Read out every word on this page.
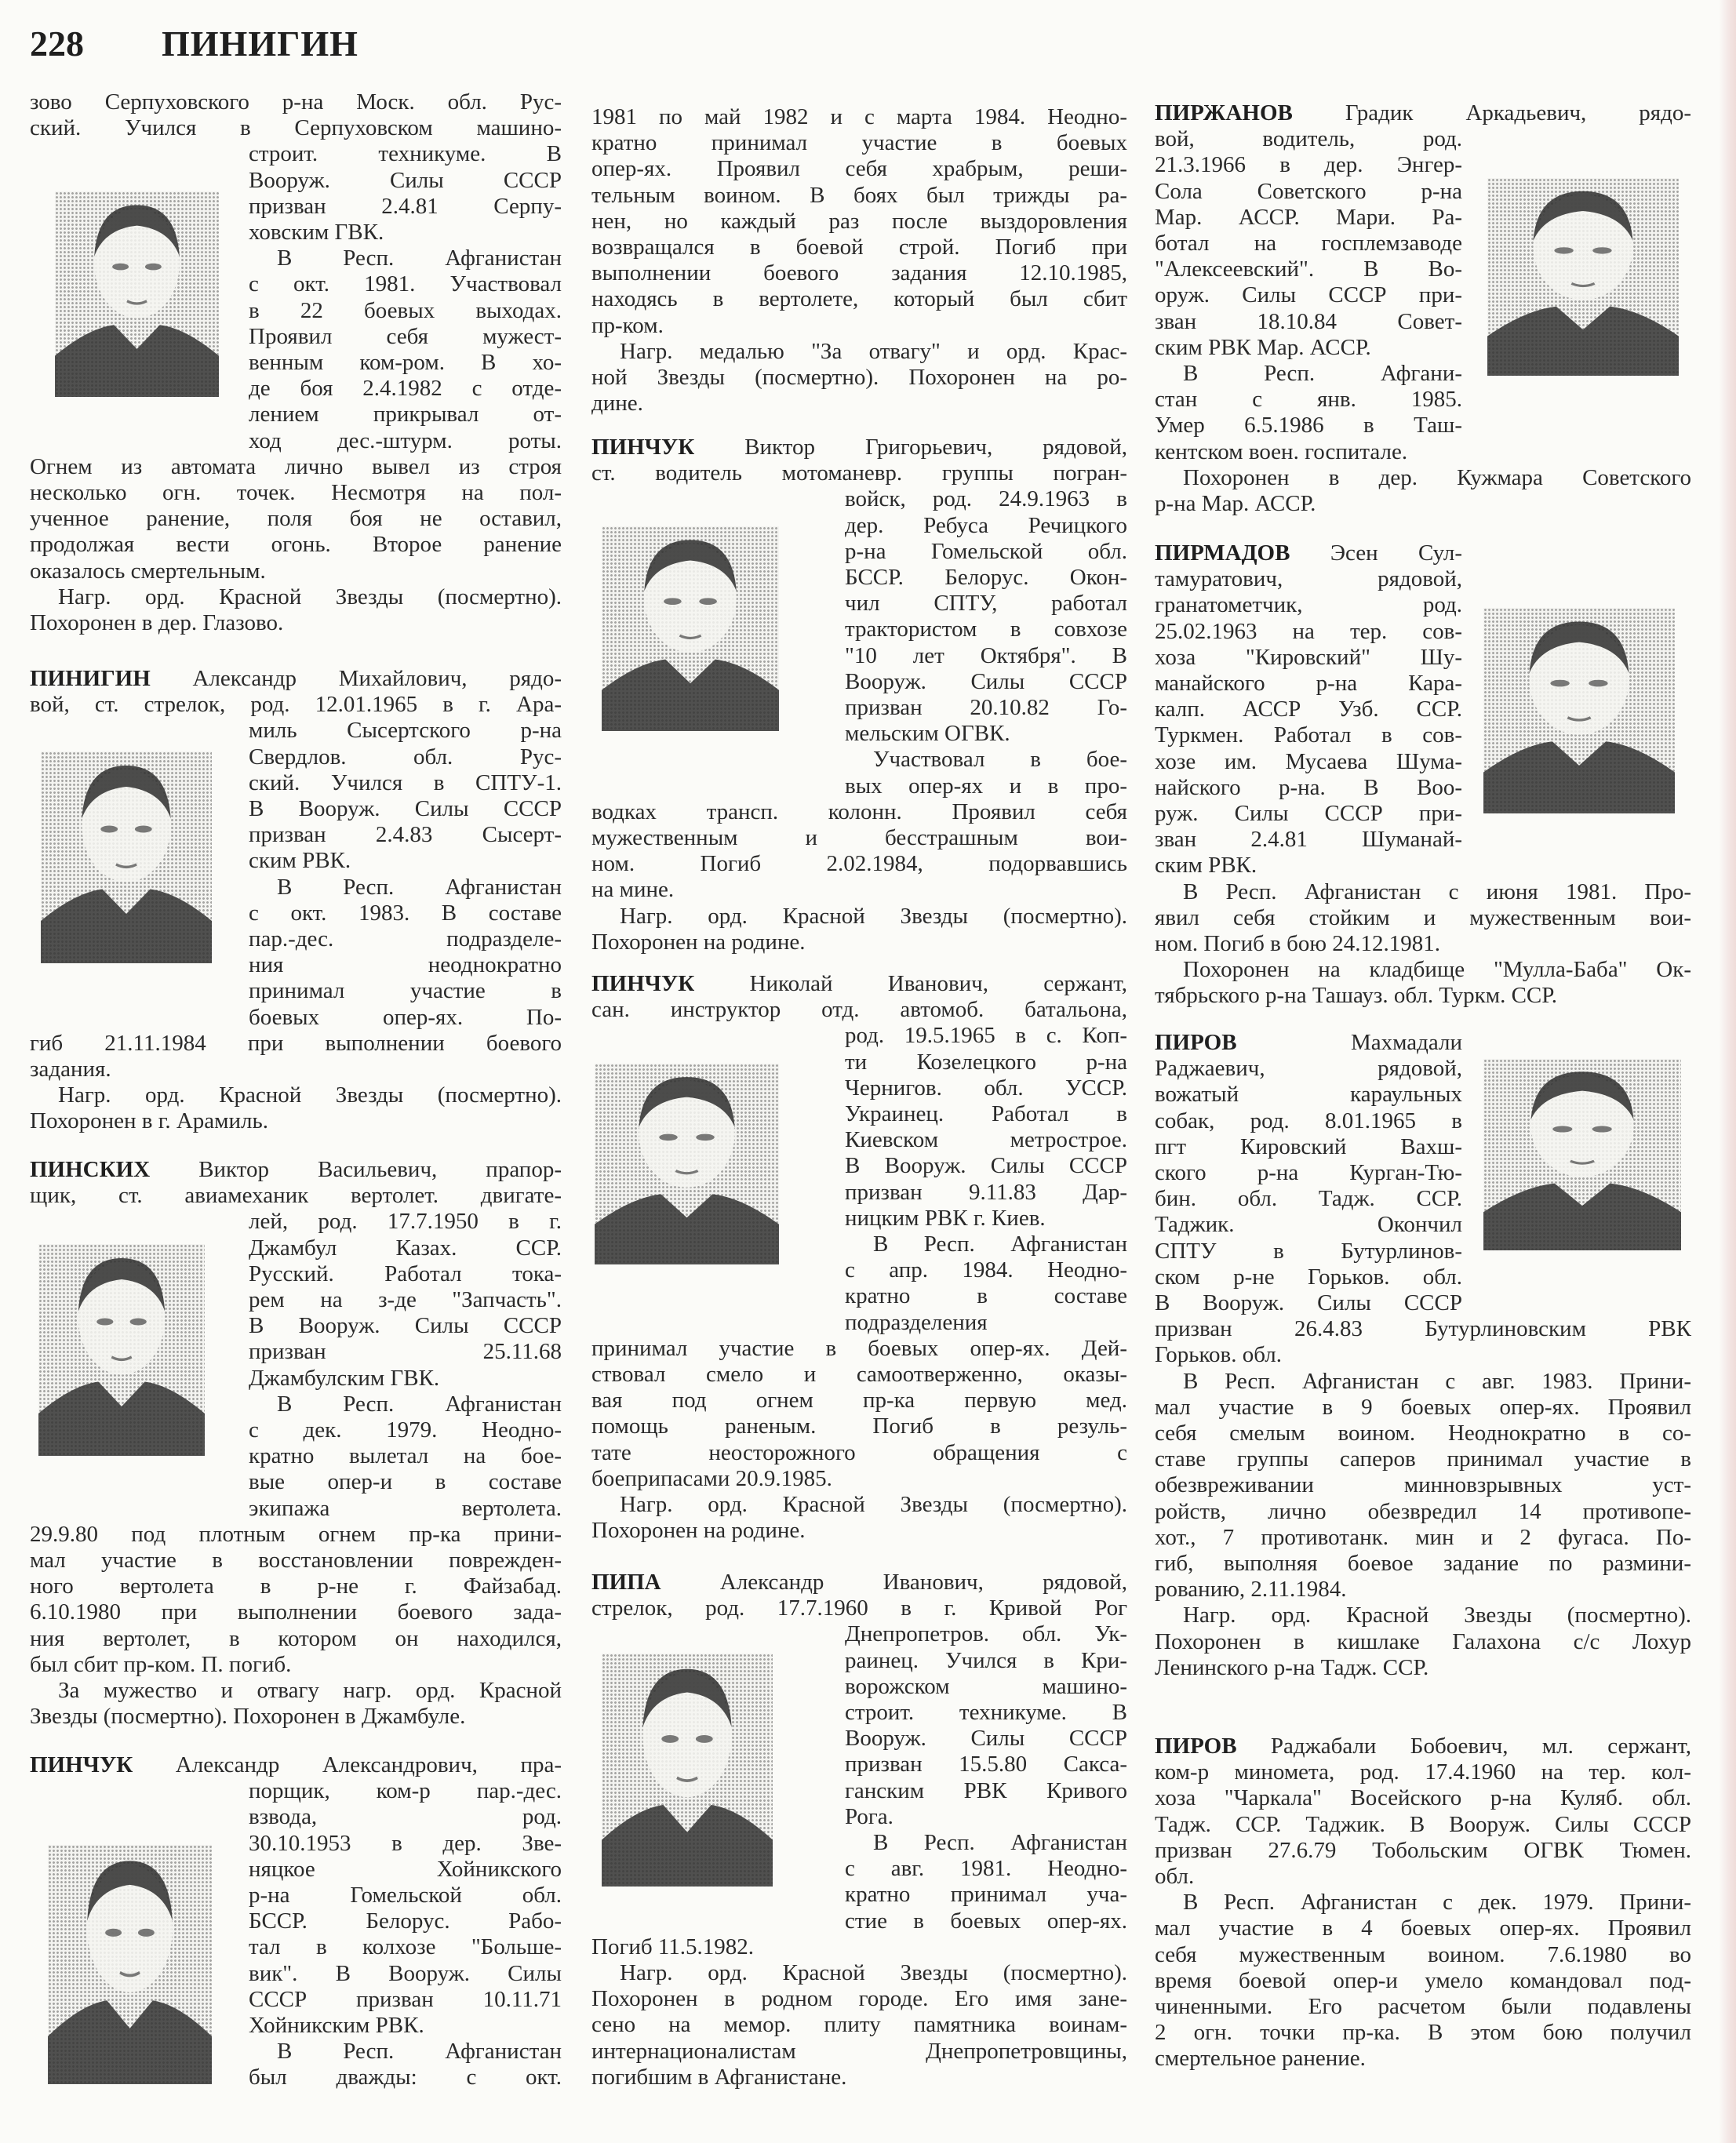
228 ПИНИГИН
зово Серпуховского р-на Моск. обл. Рус-
ский. Учился в Серпуховском машино-
строит. техникуме. В
Вооруж. Силы СССР
призван 2.4.81 Серпу-
ховским ГВК.
В Респ. Афганистан
с окт. 1981. Участвовал
в 22 боевых выходах.
Проявил себя мужест-
венным ком-ром. В хо-
де боя 2.4.1982 с отде-
лением прикрывал от-
ход дес.-штурм. роты.
Огнем из автомата лично вывел из строя
несколько огн. точек. Несмотря на пол-
ученное ранение, поля боя не оставил,
продолжая вести огонь. Второе ранение
оказалось смертельным.
Нагр. орд. Красной Звезды (посмертно).
Похоронен в дер. Глазово.
ПИНИГИН Александр Михайлович, рядо-
вой, ст. стрелок, род. 12.01.1965 в г. Ара-
миль Сысертского р-на
Свердлов. обл. Рус-
ский. Учился в СПТУ-1.
В Вооруж. Силы СССР
призван 2.4.83 Сысерт-
ским РВК.
В Респ. Афганистан
с окт. 1983. В составе
пар.-дес. подразделе-
ния неоднократно
принимал участие в
боевых опер-ях. По-
гиб 21.11.1984 при выполнении боевого
задания.
Нагр. орд. Красной Звезды (посмертно).
Похоронен в г. Арамиль.
ПИНСКИХ Виктор Васильевич, прапор-
щик, ст. авиамеханик вертолет. двигате-
лей, род. 17.7.1950 в г.
Джамбул Казах. ССР.
Русский. Работал тока-
рем на з-де "Запчасть".
В Вооруж. Силы СССР
призван 25.11.68
Джамбулским ГВК.
В Респ. Афганистан
с дек. 1979. Неодно-
кратно вылетал на бое-
вые опер-и в составе
экипажа вертолета.
29.9.80 под плотным огнем пр-ка прини-
мал участие в восстановлении поврежден-
ного вертолета в р-не г. Файзабад.
6.10.1980 при выполнении боевого зада-
ния вертолет, в котором он находился,
был сбит пр-ком. П. погиб.
За мужество и отвагу нагр. орд. Красной
Звезды (посмертно). Похоронен в Джамбуле.
ПИНЧУК Александр Александрович, пра-
порщик, ком-р пар.-дес.
взвода, род.
30.10.1953 в дер. Зве-
няцкое Хойникского
р-на Гомельской обл.
БССР. Белорус. Рабо-
тал в колхозе "Больше-
вик". В Вооруж. Силы
СССР призван 10.11.71
Хойникским РВК.
В Респ. Афганистан
был дважды: с окт.
1981 по май 1982 и с марта 1984. Неодно-
кратно принимал участие в боевых
опер-ях. Проявил себя храбрым, реши-
тельным воином. В боях был трижды ра-
нен, но каждый раз после выздоровления
возвращался в боевой строй. Погиб при
выполнении боевого задания 12.10.1985,
находясь в вертолете, который был сбит
пр-ком.
Нагр. медалью "За отвагу" и орд. Крас-
ной Звезды (посмертно). Похоронен на ро-
дине.
ПИНЧУК Виктор Григорьевич, рядовой,
ст. водитель мотоманевр. группы погран-
войск, род. 24.9.1963 в
дер. Ребуса Речицкого
р-на Гомельской обл.
БССР. Белорус. Окон-
чил СПТУ, работал
трактористом в совхозе
"10 лет Октября". В
Вооруж. Силы СССР
призван 20.10.82 Го-
мельским ОГВК.
Участвовал в бое-
вых опер-ях и в про-
водках трансп. колонн. Проявил себя
мужественным и бесстрашным вои-
ном. Погиб 2.02.1984, подорвавшись
на мине.
Нагр. орд. Красной Звезды (посмертно).
Похоронен на родине.
ПИНЧУК Николай Иванович, сержант,
сан. инструктор отд. автомоб. батальона,
род. 19.5.1965 в с. Коп-
ти Козелецкого р-на
Чернигов. обл. УССР.
Украинец. Работал в
Киевском метрострое.
В Вооруж. Силы СССР
призван 9.11.83 Дар-
ницким РВК г. Киев.
В Респ. Афганистан
с апр. 1984. Неодно-
кратно в составе
подразделения
принимал участие в боевых опер-ях. Дей-
ствовал смело и самоотверженно, оказы-
вая под огнем пр-ка первую мед.
помощь раненым. Погиб в резуль-
тате неосторожного обращения с
боеприпасами 20.9.1985.
Нагр. орд. Красной Звезды (посмертно).
Похоронен на родине.
ПИПА Александр Иванович, рядовой,
стрелок, род. 17.7.1960 в г. Кривой Рог
Днепропетров. обл. Ук-
раинец. Учился в Кри-
ворожском машино-
строит. техникуме. В
Вооруж. Силы СССР
призван 15.5.80 Сакса-
ганским РВК Кривого
Рога.
В Респ. Афганистан
с авг. 1981. Неодно-
кратно принимал уча-
стие в боевых опер-ях.
Погиб 11.5.1982.
Нагр. орд. Красной Звезды (посмертно).
Похоронен в родном городе. Его имя зане-
сено на мемор. плиту памятника воинам-
интернационалистам Днепропетровщины,
погибшим в Афганистане.
ПИРЖАНОВ Градик Аркадьевич, рядо-
вой, водитель, род.
21.3.1966 в дер. Энгер-
Сола Советского р-на
Мар. АССР. Мари. Ра-
ботал на госплемзаводе
"Алексеевский". В Во-
оруж. Силы СССР при-
зван 18.10.84 Совет-
ским РВК Мар. АССР.
В Респ. Афгани-
стан с янв. 1985.
Умер 6.5.1986 в Таш-
кентском воен. госпитале.
Похоронен в дер. Кужмара Советского
р-на Мар. АССР.
ПИРМАДОВ Эсен Сул-
тамуратович, рядовой,
гранатометчик, род.
25.02.1963 на тер. сов-
хоза "Кировский" Шу-
манайского р-на Кара-
калп. АССР Узб. ССР.
Туркмен. Работал в сов-
хозе им. Мусаева Шума-
найского р-на. В Воо-
руж. Силы СССР при-
зван 2.4.81 Шуманай-
ским РВК.
В Респ. Афганистан с июня 1981. Про-
явил себя стойким и мужественным вои-
ном. Погиб в бою 24.12.1981.
Похоронен на кладбище "Мулла-Баба" Ок-
тябрьского р-на Ташауз. обл. Туркм. ССР.
ПИРОВ Махмадали
Раджаевич, рядовой,
вожатый караульных
собак, род. 8.01.1965 в
пгт Кировский Вахш-
ского р-на Курган-Тю-
бин. обл. Тадж. ССР.
Таджик. Окончил
СПТУ в Бутурлинов-
ском р-не Горьков. обл.
В Вооруж. Силы СССР
призван 26.4.83 Бутурлиновским РВК
Горьков. обл.
В Респ. Афганистан с авг. 1983. Прини-
мал участие в 9 боевых опер-ях. Проявил
себя смелым воином. Неоднократно в со-
ставе группы саперов принимал участие в
обезвреживании минновзрывных уст-
ройств, лично обезвредил 14 противопе-
хот., 7 противотанк. мин и 2 фугаса. По-
гиб, выполняя боевое задание по размини-
рованию, 2.11.1984.
Нагр. орд. Красной Звезды (посмертно).
Похоронен в кишлаке Галахона с/с Лохур
Ленинского р-на Тадж. ССР.
ПИРОВ Раджабали Бобоевич, мл. сержант,
ком-р миномета, род. 17.4.1960 на тер. кол-
хоза "Чаркала" Восейского р-на Куляб. обл.
Тадж. ССР. Таджик. В Вооруж. Силы СССР
призван 27.6.79 Тобольским ОГВК Тюмен.
обл.
В Респ. Афганистан с дек. 1979. Прини-
мал участие в 4 боевых опер-ях. Проявил
себя мужественным воином. 7.6.1980 во
время боевой опер-и умело командовал под-
чиненными. Его расчетом были подавлены
2 огн. точки пр-ка. В этом бою получил
смертельное ранение.
